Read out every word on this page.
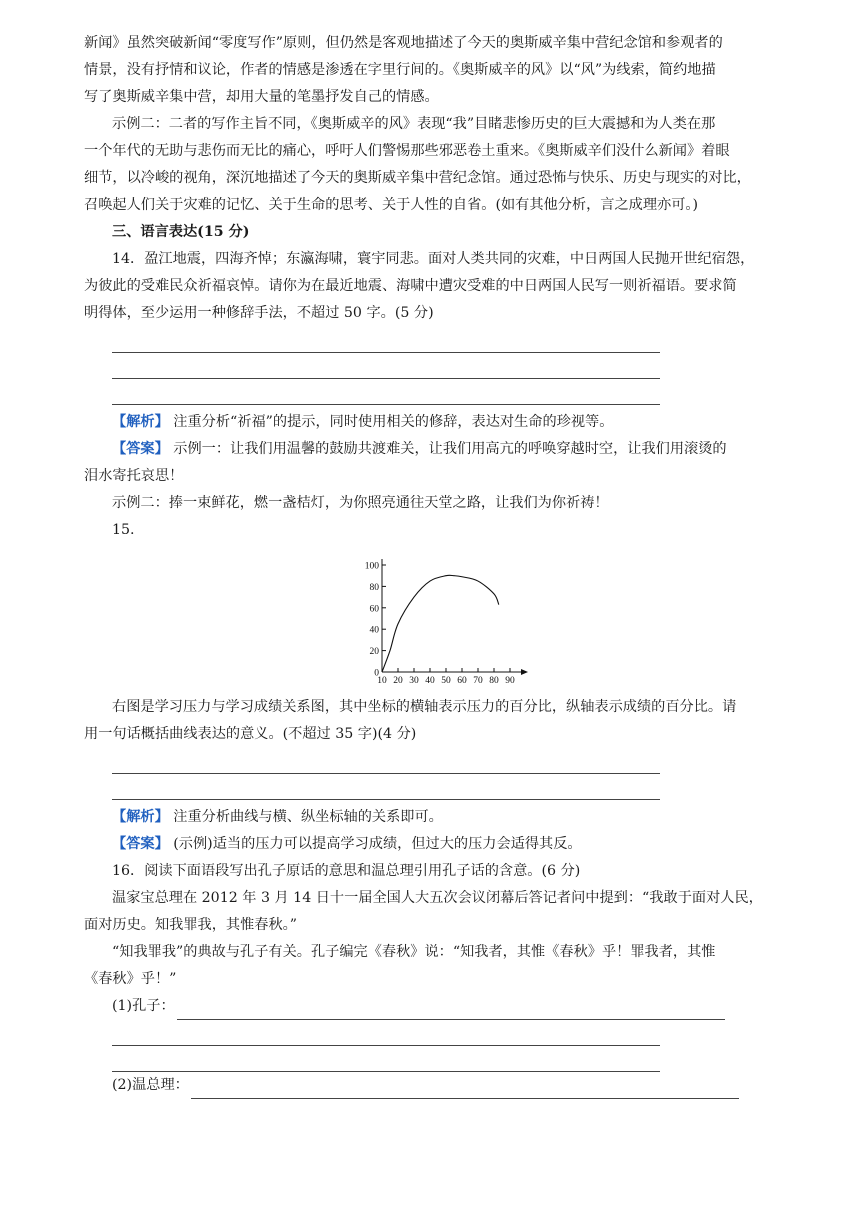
新闻》虽然突破新闻“零度写作”原则，但仍然是客观地描述了今天的奥斯威辛集中营纪念馆和参观者的

情景，没有抒情和议论，作者的情感是渗透在字里行间的。《奥斯威辛的风》以“风”为线索，简约地描

写了奥斯威辛集中营，却用大量的笔墨抒发自己的情感。

示例二：二者的写作主旨不同，《奥斯威辛的风》表现“我”目睹悲惨历史的巨大震撼和为人类在那

一个年代的无助与悲伤而无比的痛心，呼吁人们警惕那些邪恶卷土重来。《奥斯威辛们没什么新闻》着眼

细节，以冷峻的视角，深沉地描述了今天的奥斯威辛集中营纪念馆。通过恐怖与快乐、历史与现实的对比，

召唤起人们关于灾难的记忆、关于生命的思考、关于人性的自省。(如有其他分析，言之成理亦可。)

三、语言表达(15 分)

14．盈江地震，四海齐悼；东瀛海啸，寰宇同悲。面对人类共同的灾难，中日两国人民抛开世纪宿怨，

为彼此的受难民众祈福哀悼。请你为在最近地震、海啸中遭灾受难的中日两国人民写一则祈福语。要求简

明得体，至少运用一种修辞手法，不超过 50 字。(5 分)

【解析】 注重分析“祈福”的提示，同时使用相关的修辞，表达对生命的珍视等。

【答案】 示例一：让我们用温馨的鼓励共渡难关，让我们用高亢的呼唤穿越时空，让我们用滚烫的

泪水寄托哀思！

示例二：捧一束鲜花，燃一盏桔灯，为你照亮通往天堂之路，让我们为你祈祷！

15.

10 20 30 40 50 60 70 80 90
0
20
40
60
80
100

右图是学习压力与学习成绩关系图，其中坐标的横轴表示压力的百分比，纵轴表示成绩的百分比。请

用一句话概括曲线表达的意义。(不超过 35 字)(4 分)

【解析】 注重分析曲线与横、纵坐标轴的关系即可。

【答案】 (示例)适当的压力可以提高学习成绩，但过大的压力会适得其反。

16．阅读下面语段写出孔子原话的意思和温总理引用孔子话的含意。(6 分)

温家宝总理在 2012 年 3 月 14 日十一届全国人大五次会议闭幕后答记者问中提到：“我敢于面对人民，

面对历史。知我罪我，其惟春秋。”

“知我罪我”的典故与孔子有关。孔子编完《春秋》说：“知我者，其惟《春秋》乎！罪我者，其惟

《春秋》乎！”

(1)孔子：
(2)温总理：
